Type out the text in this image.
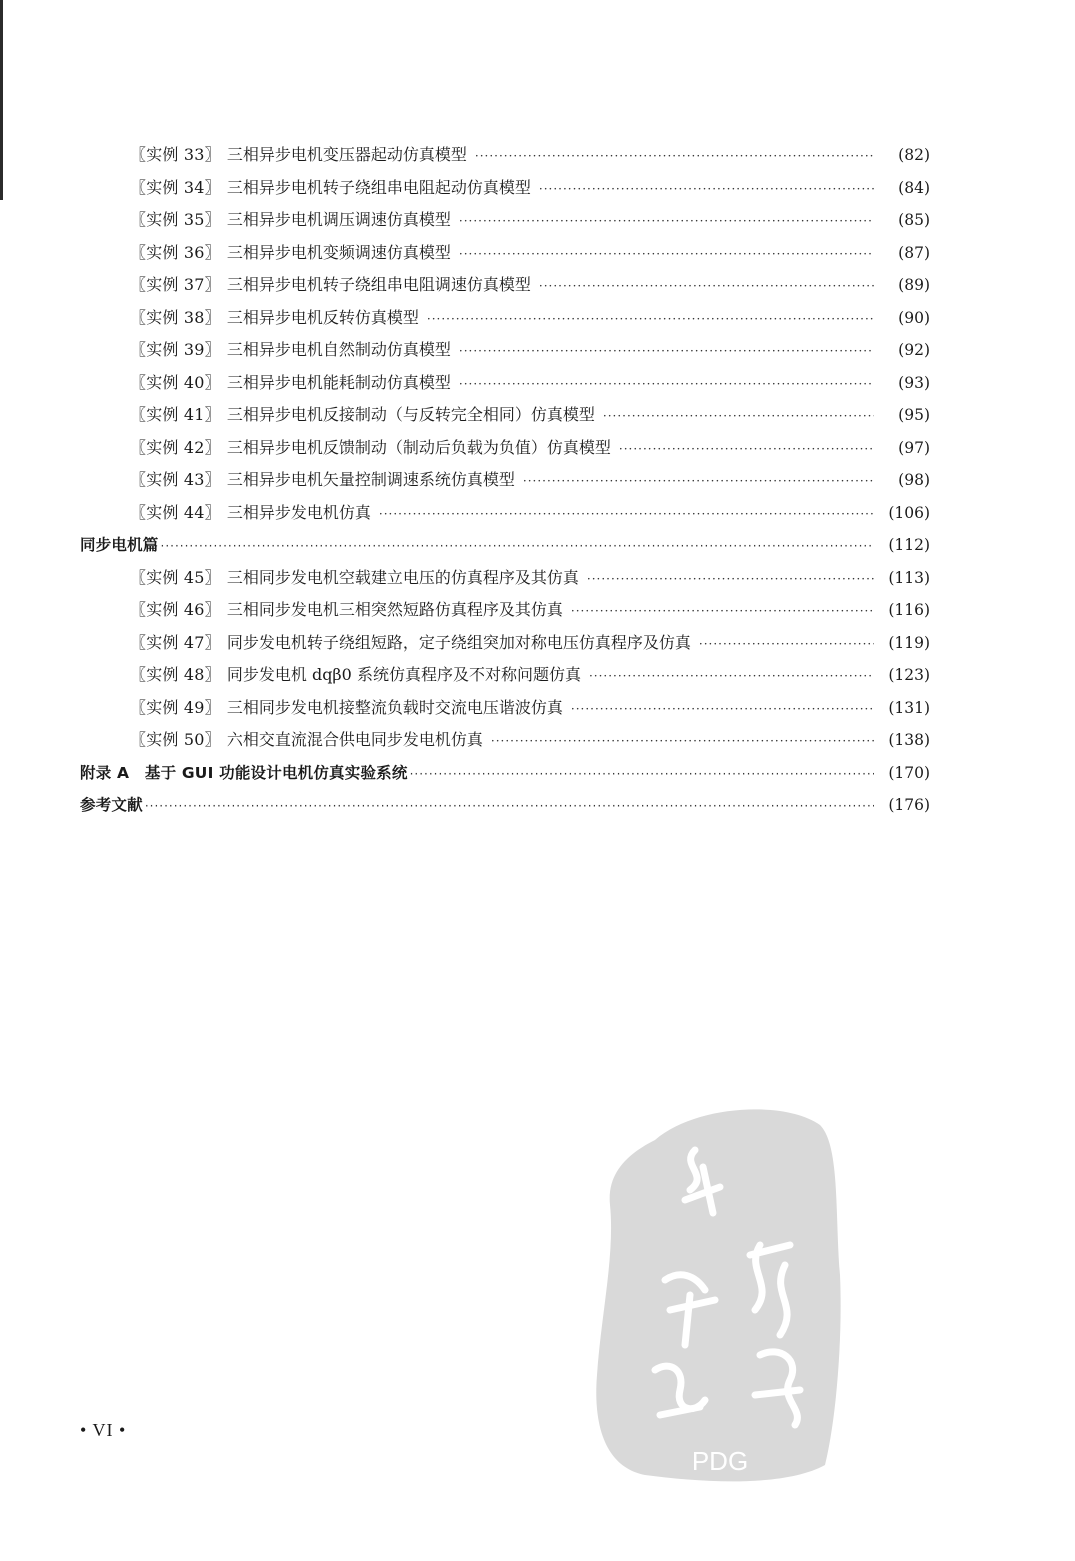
〖实例 33〗 三相异步电机变压器起动仿真模型 ·····	(82)
〖实例 34〗 三相异步电机转子绕组串电阻起动仿真模型 ·····	(84)
〖实例 35〗 三相异步电机调压调速仿真模型 ·····	(85)
〖实例 36〗 三相异步电机变频调速仿真模型 ·····	(87)
〖实例 37〗 三相异步电机转子绕组串电阻调速仿真模型 ·····	(89)
〖实例 38〗 三相异步电机反转仿真模型 ·····	(90)
〖实例 39〗 三相异步电机自然制动仿真模型 ·····	(92)
〖实例 40〗 三相异步电机能耗制动仿真模型 ·····	(93)
〖实例 41〗 三相异步电机反接制动（与反转完全相同）仿真模型 ·····	(95)
〖实例 42〗 三相异步电机反馈制动（制动后负载为负值）仿真模型 ·····	(97)
〖实例 43〗 三相异步电机矢量控制调速系统仿真模型 ·····	(98)
〖实例 44〗 三相异步发电机仿真 ·····	(106)
同步电机篇 ·····	(112)
〖实例 45〗 三相同步发电机空载建立电压的仿真程序及其仿真 ·····	(113)
〖实例 46〗 三相同步发电机三相突然短路仿真程序及其仿真 ·····	(116)
〖实例 47〗 同步发电机转子绕组短路，定子绕组突加对称电压仿真程序及仿真 ·····	(119)
〖实例 48〗 同步发电机 dqβ0 系统仿真程序及不对称问题仿真 ·····	(123)
〖实例 49〗 三相同步发电机接整流负载时交流电压谐波仿真 ·····	(131)
〖实例 50〗 六相交直流混合供电同步发电机仿真 ·····	(138)
附录 A　基于 GUI 功能设计电机仿真实验系统 ·····	(170)
参考文献 ·····	(176)
• VI •
PDG
